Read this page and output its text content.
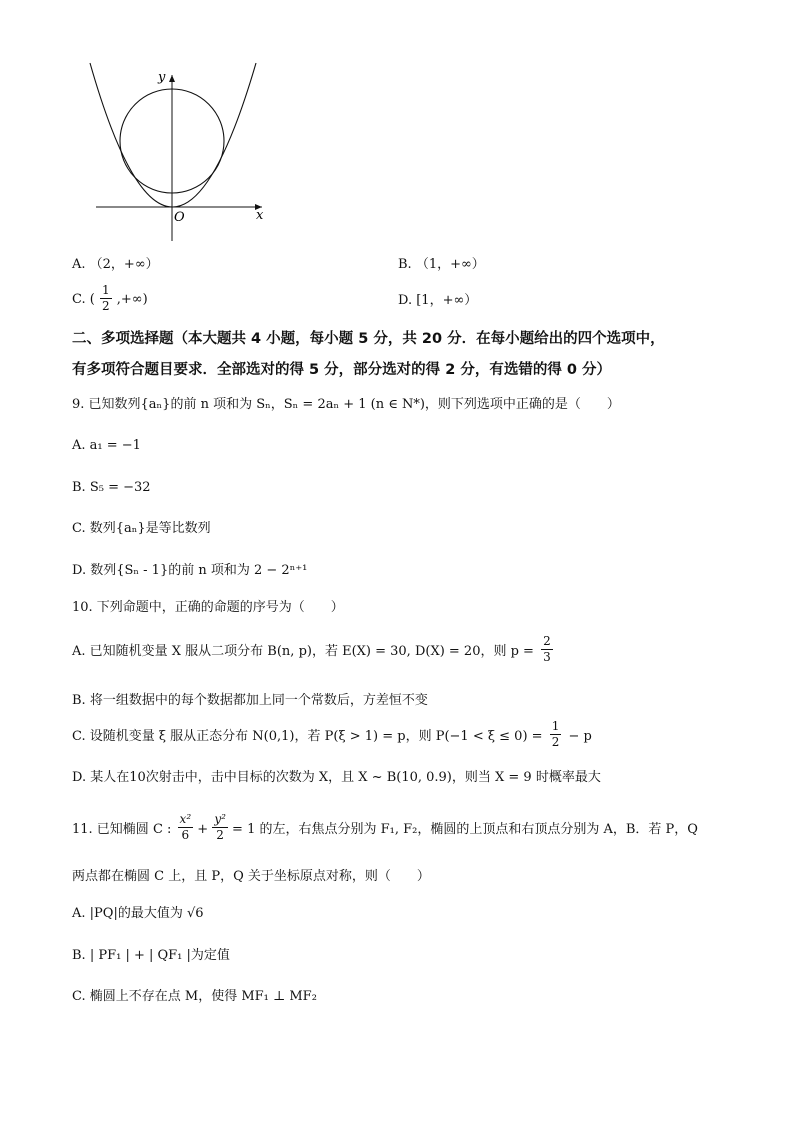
y
x
O
A. （2，+∞）	B. （1，+∞）
C. ( $\frac{1}{2}$ ,+∞)	D. [1，+∞）
二、多项选择题（本大题共 4 小题，每小题 5 分，共 20 分．在每小题给出的四个选项中，
有多项符合题目要求．全部选对的得 5 分，部分选对的得 2 分，有选错的得 0 分）
9. 已知数列{aₙ}的前 n 项和为 Sₙ，Sₙ = 2aₙ + 1 (n ∈ N*)，则下列选项中正确的是（　　）
A. a₁ = −1
B. S₅ = −32
C. 数列{aₙ}是等比数列
D. 数列{Sₙ - 1}的前 n 项和为 2 − 2ⁿ⁺¹
10. 下列命题中，正确的命题的序号为（　　）
A. 已知随机变量 X 服从二项分布 B(n, p)，若 E(X) = 30, D(X) = 20，则 $p = \frac{2}{3}$
B. 将一组数据中的每个数据都加上同一个常数后，方差恒不变
C. 设随机变量 ξ 服从正态分布 N(0,1)，若 P(ξ > 1) = p，则 $P(-1 < \xi \le 0) = \frac{1}{2} - p$
D. 某人在10次射击中，击中目标的次数为 X，且 X ~ B(10, 0.9)，则当 X = 9 时概率最大
11. 已知椭圆 C : $\frac{\text{x²}}{6} + \frac{\text{y²}}{2} = 1$ 的左，右焦点分别为 F₁, F₂，椭圆的上顶点和右顶点分别为 A，B．若 P，Q
两点都在椭圆 C 上，且 P，Q 关于坐标原点对称，则（　　）
A. |PQ|的最大值为 √6
B. | PF₁ | + | QF₁ |为定值
C. 椭圆上不存在点 M，使得 MF₁ ⊥ MF₂
